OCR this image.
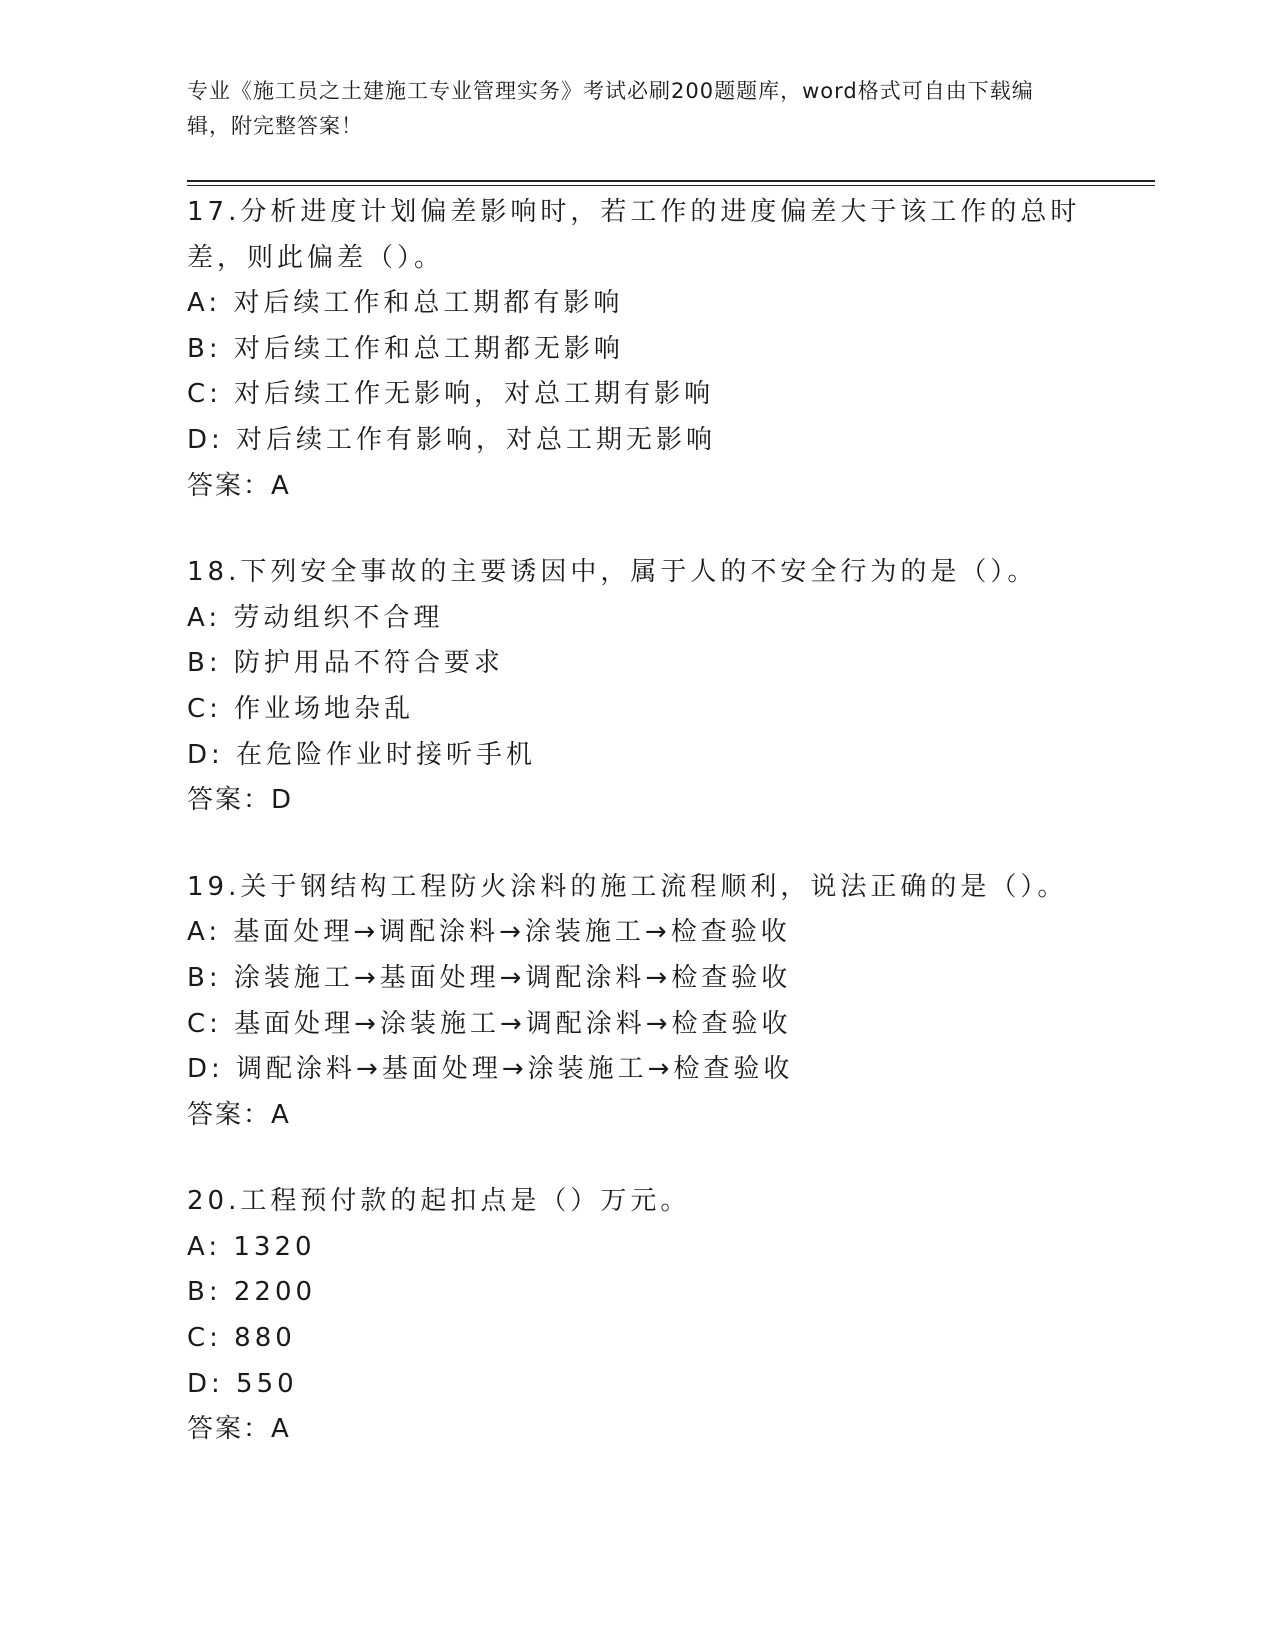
专业《施工员之土建施工专业管理实务》考试必刷200题题库，word格式可自由下载编辑，附完整答案！
17.分析进度计划偏差影响时，若工作的进度偏差大于该工作的总时差，则此偏差（）。
A: 对后续工作和总工期都有影响
B: 对后续工作和总工期都无影响
C: 对后续工作无影响，对总工期有影响
D: 对后续工作有影响，对总工期无影响
答案：A
18.下列安全事故的主要诱因中，属于人的不安全行为的是（）。
A: 劳动组织不合理
B: 防护用品不符合要求
C: 作业场地杂乱
D: 在危险作业时接听手机
答案：D
19.关于钢结构工程防火涂料的施工流程顺利，说法正确的是（）。
A: 基面处理→调配涂料→涂装施工→检查验收
B: 涂装施工→基面处理→调配涂料→检查验收
C: 基面处理→涂装施工→调配涂料→检查验收
D: 调配涂料→基面处理→涂装施工→检查验收
答案：A
20.工程预付款的起扣点是（）万元。
A: 1320
B: 2200
C: 880
D: 550
答案：A
